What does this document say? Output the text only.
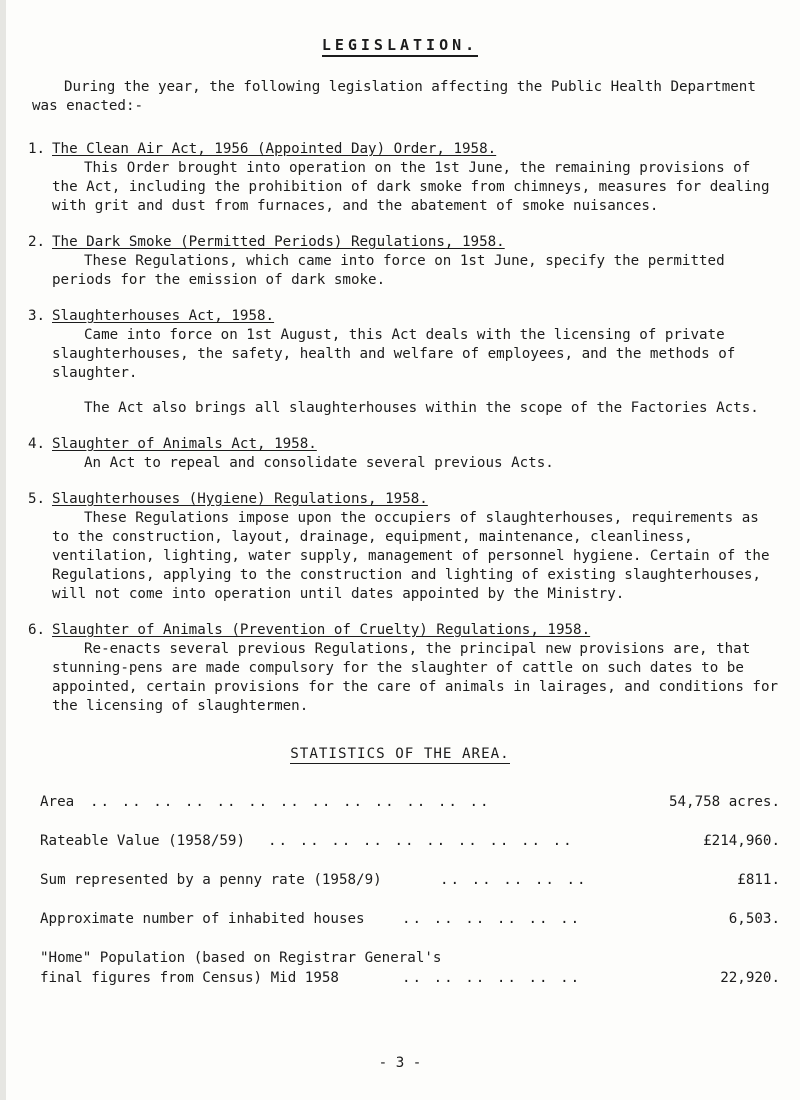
LEGISLATION.

During the year, the following legislation affecting the Public Health Department was enacted:-

1. The Clean Air Act, 1956 (Appointed Day) Order, 1958.

This Order brought into operation on the 1st June, the remaining provisions of the Act, including the prohibition of dark smoke from chimneys, measures for dealing with grit and dust from furnaces, and the abatement of smoke nuisances.

2. The Dark Smoke (Permitted Periods) Regulations, 1958.

These Regulations, which came into force on 1st June, specify the permitted periods for the emission of dark smoke.

3. Slaughterhouses Act, 1958.

Came into force on 1st August, this Act deals with the licensing of private slaughterhouses, the safety, health and welfare of employees, and the methods of slaughter.

The Act also brings all slaughterhouses within the scope of the Factories Acts.

4. Slaughter of Animals Act, 1958.

An Act to repeal and consolidate several previous Acts.

5. Slaughterhouses (Hygiene) Regulations, 1958.

These Regulations impose upon the occupiers of slaughterhouses, requirements as to the construction, layout, drainage, equipment, maintenance, cleanliness, ventilation, lighting, water supply, management of personnel hygiene. Certain of the Regulations, applying to the construction and lighting of existing slaughterhouses, will not come into operation until dates appointed by the Ministry.

6. Slaughter of Animals (Prevention of Cruelty) Regulations, 1958.

Re-enacts several previous Regulations, the principal new provisions are, that stunning-pens are made compulsory for the slaughter of cattle on such dates to be appointed, certain provisions for the care of animals in lairages, and conditions for the licensing of slaughtermen.

STATISTICS OF THE AREA.
Area .. .. .. .. .. .. .. .. .. .. .. .. ..	54,758 acres.
Rateable Value (1958/59) .. .. .. .. .. .. .. .. .. ..	£214,960.
Sum represented by a penny rate (1958/9)	.. .. .. .. ..	£811.
Approximate number of inhabited houses	.. .. .. .. .. ..	6,503.
"Home" Population (based on Registrar General's
final figures from Census) Mid 1958	.. .. .. .. .. ..	22,920.
- 3 -
